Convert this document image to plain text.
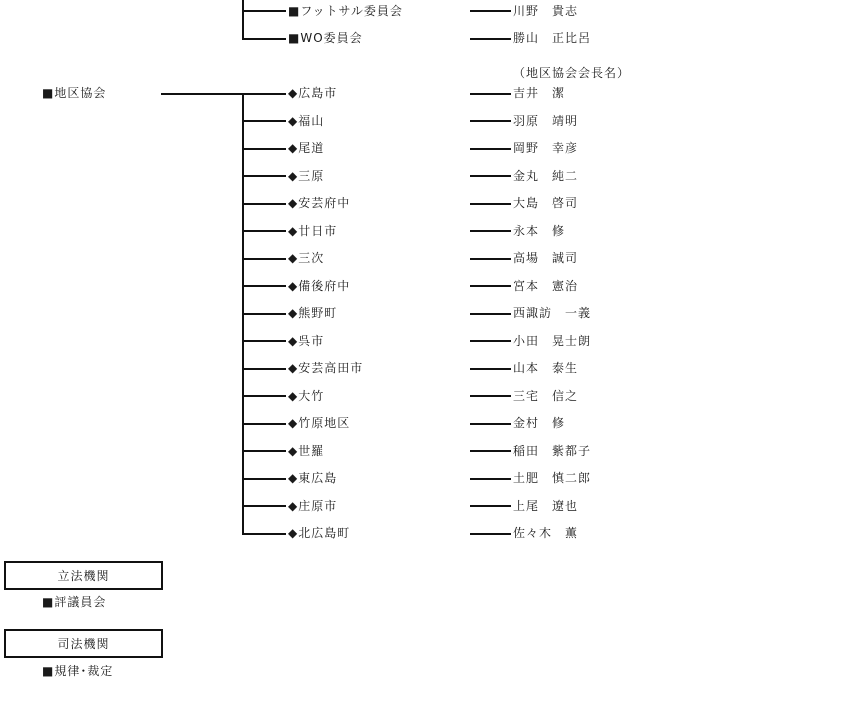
■フットサル委員会	川野　貴志
■WO委員会	勝山　正比呂
（地区協会会長名）
■地区協会	◆広島市	吉井　潔
◆福山	羽原　靖明
◆尾道	岡野　幸彦
◆三原	金丸　純二
◆安芸府中	大島　啓司
◆廿日市	永本　修
◆三次	高場　誠司
◆備後府中	宮本　憲治
◆熊野町	西諏訪　一義
◆呉市	小田　晃士朗
◆安芸高田市	山本　泰生
◆大竹	三宅　信之
◆竹原地区	金村　修
◆世羅	稲田　紫都子
◆東広島	土肥　慎二郎
◆庄原市	上尾　遼也
◆北広島町	佐々木　薫
立法機関
■評議員会
司法機関
■規律･裁定
